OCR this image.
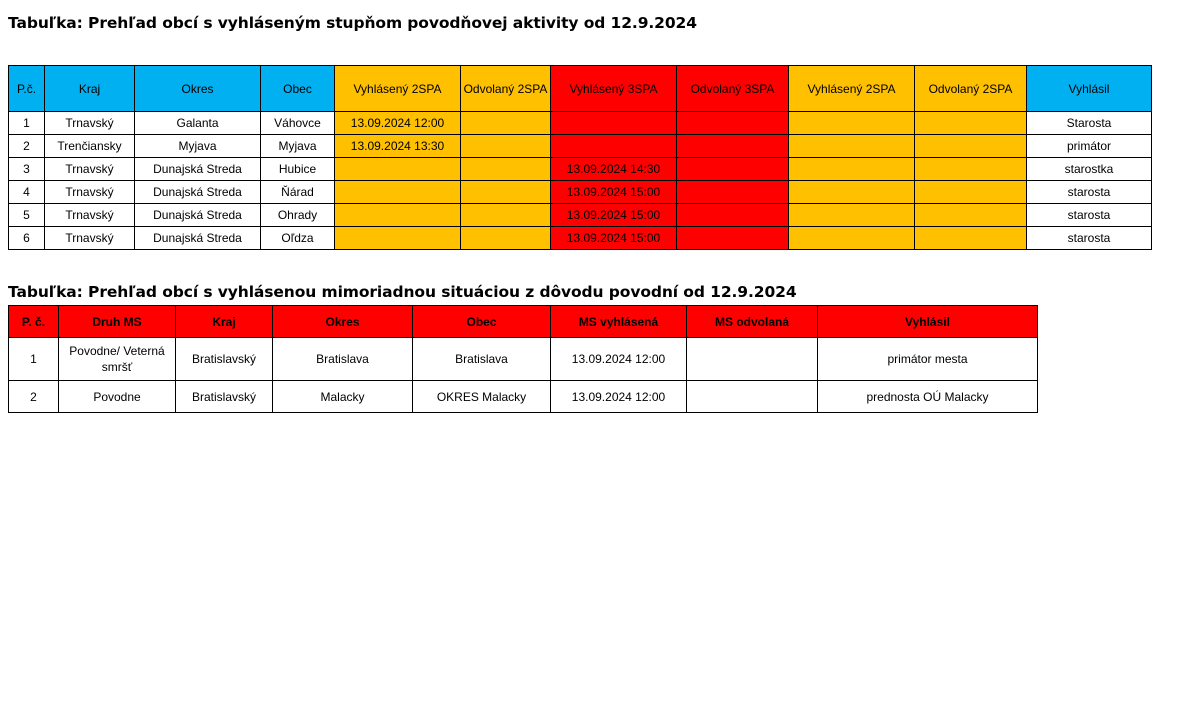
Tabuľka: Prehľad obcí s vyhláseným stupňom povodňovej aktivity od 12.9.2024
P.č.	Kraj	Okres	Obec	Vyhlásený 2SPA	Odvolaný 2SPA	Vyhlásený 3SPA	Odvolaný 3SPA	Vyhlásený 2SPA	Odvolaný 2SPA	Vyhlásil
1	Trnavský	Galanta	Váhovce	13.09.2024 12:00						Starosta
2	Trenčiansky	Myjava	Myjava	13.09.2024 13:30						primátor
3	Trnavský	Dunajská Streda	Hubice			13.09.2024 14:30				starostka
4	Trnavský	Dunajská Streda	Ňárad			13.09.2024 15:00				starosta
5	Trnavský	Dunajská Streda	Ohrady			13.09.2024 15:00				starosta
6	Trnavský	Dunajská Streda	Oľdza			13.09.2024 15:00				starosta
Tabuľka: Prehľad obcí s vyhlásenou mimoriadnou situáciou z dôvodu povodní od 12.9.2024
P. č.	Druh MS	Kraj	Okres	Obec	MS vyhlásená	MS odvolaná	Vyhlásil
1	Povodne/ Veterná smršť	Bratislavský	Bratislava	Bratislava	13.09.2024 12:00		primátor mesta
2	Povodne	Bratislavský	Malacky	OKRES Malacky	13.09.2024 12:00		prednosta OÚ Malacky
